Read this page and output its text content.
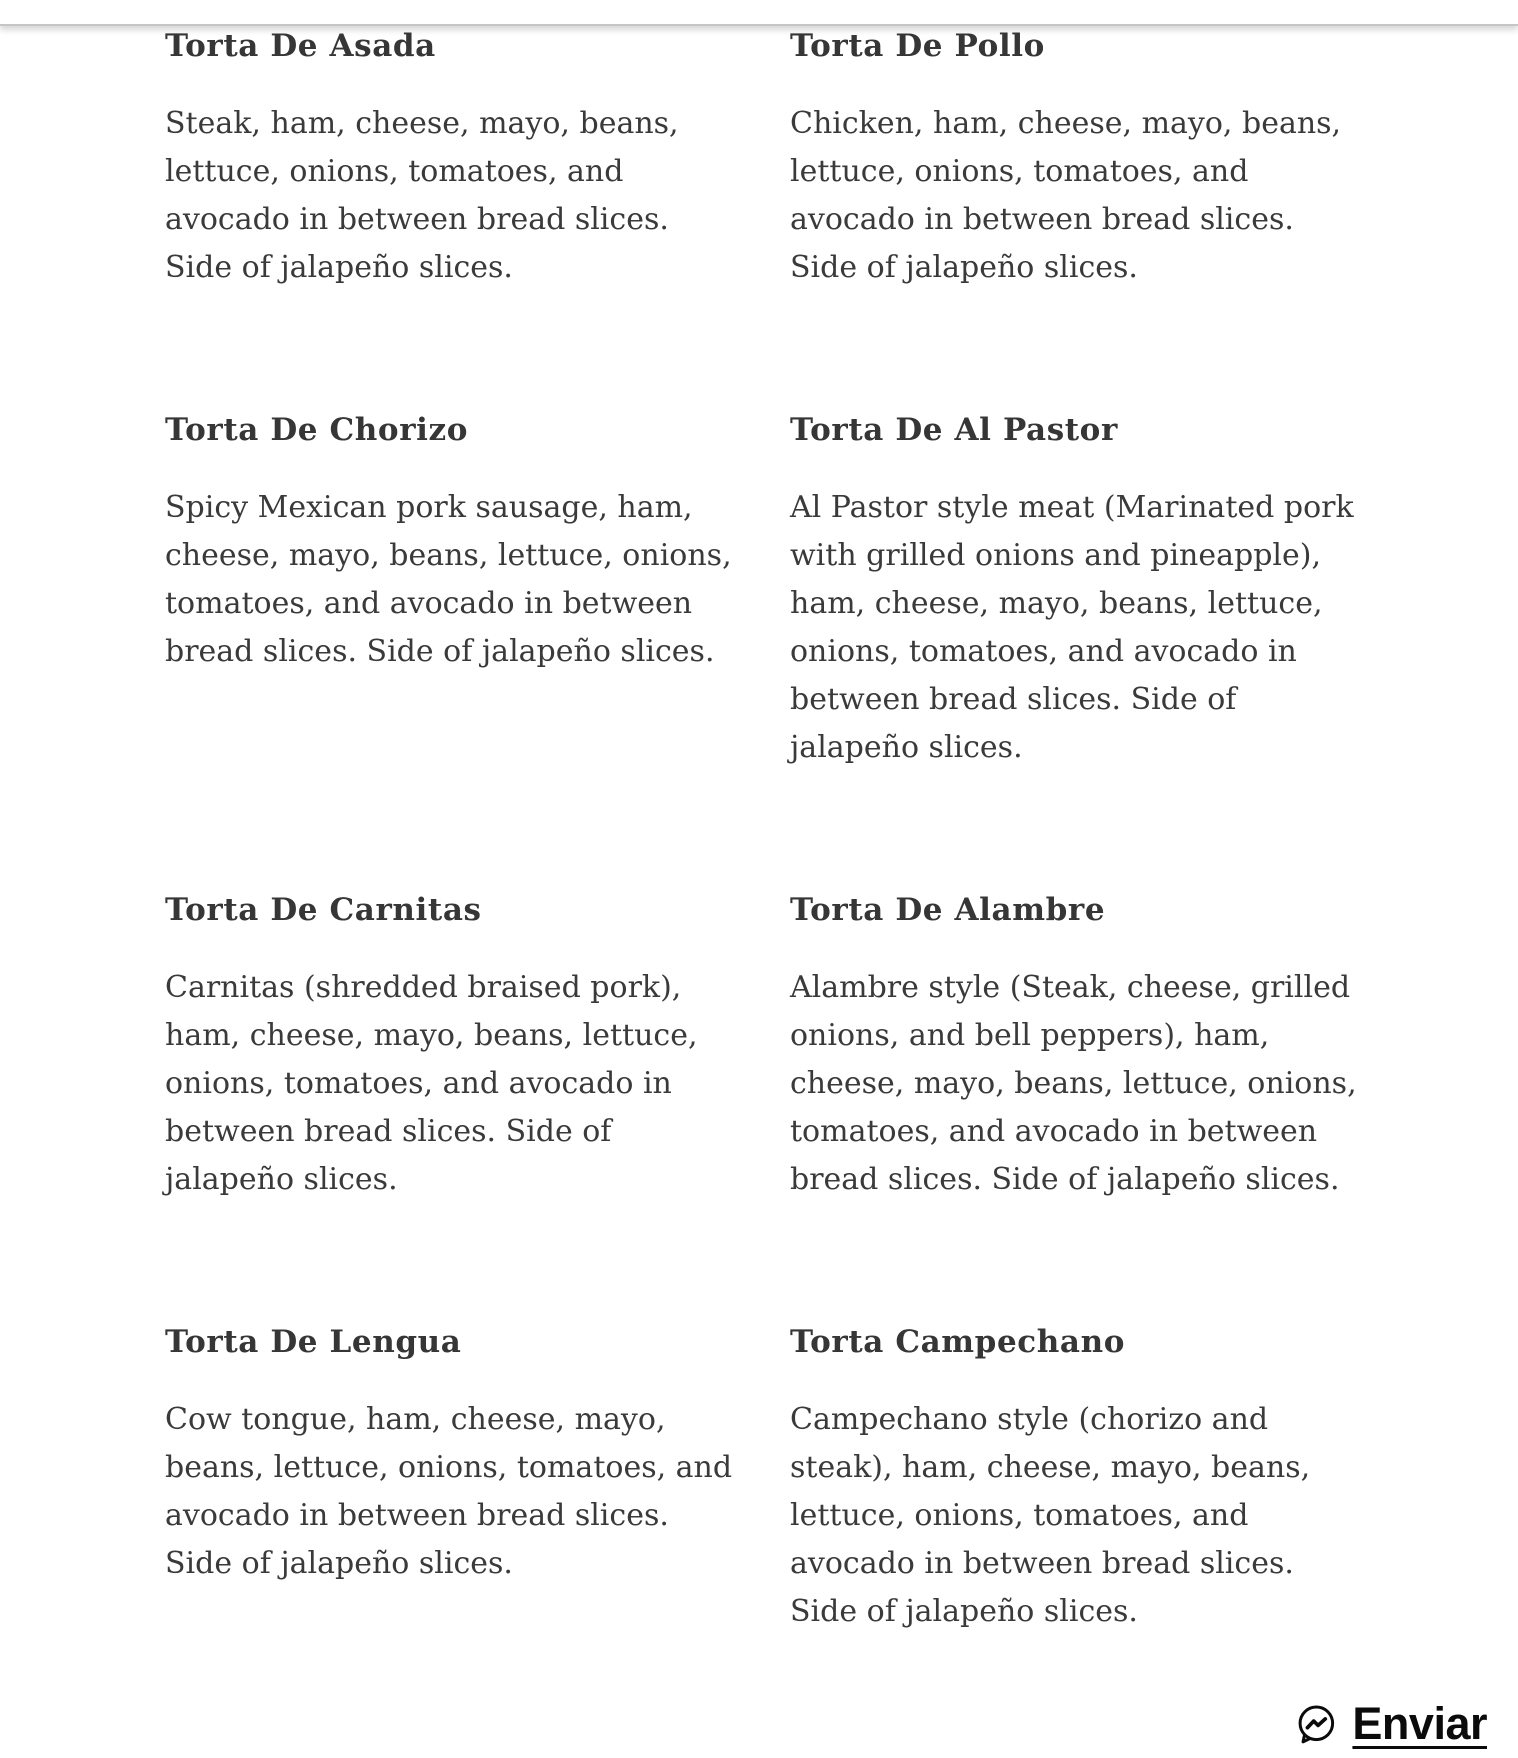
Torta De Asada

Steak, ham, cheese, mayo, beans, lettuce, onions, tomatoes, and avocado in between bread slices. Side of jalapeño slices.

Torta De Pollo

Chicken, ham, cheese, mayo, beans, lettuce, onions, tomatoes, and avocado in between bread slices. Side of jalapeño slices.

Torta De Chorizo

Spicy Mexican pork sausage, ham, cheese, mayo, beans, lettuce, onions, tomatoes, and avocado in between bread slices. Side of jalapeño slices.

Torta De Al Pastor

Al Pastor style meat (Marinated pork with grilled onions and pineapple), ham, cheese, mayo, beans, lettuce, onions, tomatoes, and avocado in between bread slices. Side of jalapeño slices.

Torta De Carnitas

Carnitas (shredded braised pork), ham, cheese, mayo, beans, lettuce, onions, tomatoes, and avocado in between bread slices. Side of jalapeño slices.

Torta De Alambre

Alambre style (Steak, cheese, grilled onions, and bell peppers), ham, cheese, mayo, beans, lettuce, onions, tomatoes, and avocado in between bread slices. Side of jalapeño slices.

Torta De Lengua

Cow tongue, ham, cheese, mayo, beans, lettuce, onions, tomatoes, and avocado in between bread slices. Side of jalapeño slices.

Torta Campechano

Campechano style (chorizo and steak), ham, cheese, mayo, beans, lettuce, onions, tomatoes, and avocado in between bread slices. Side of jalapeño slices.

Enviar
